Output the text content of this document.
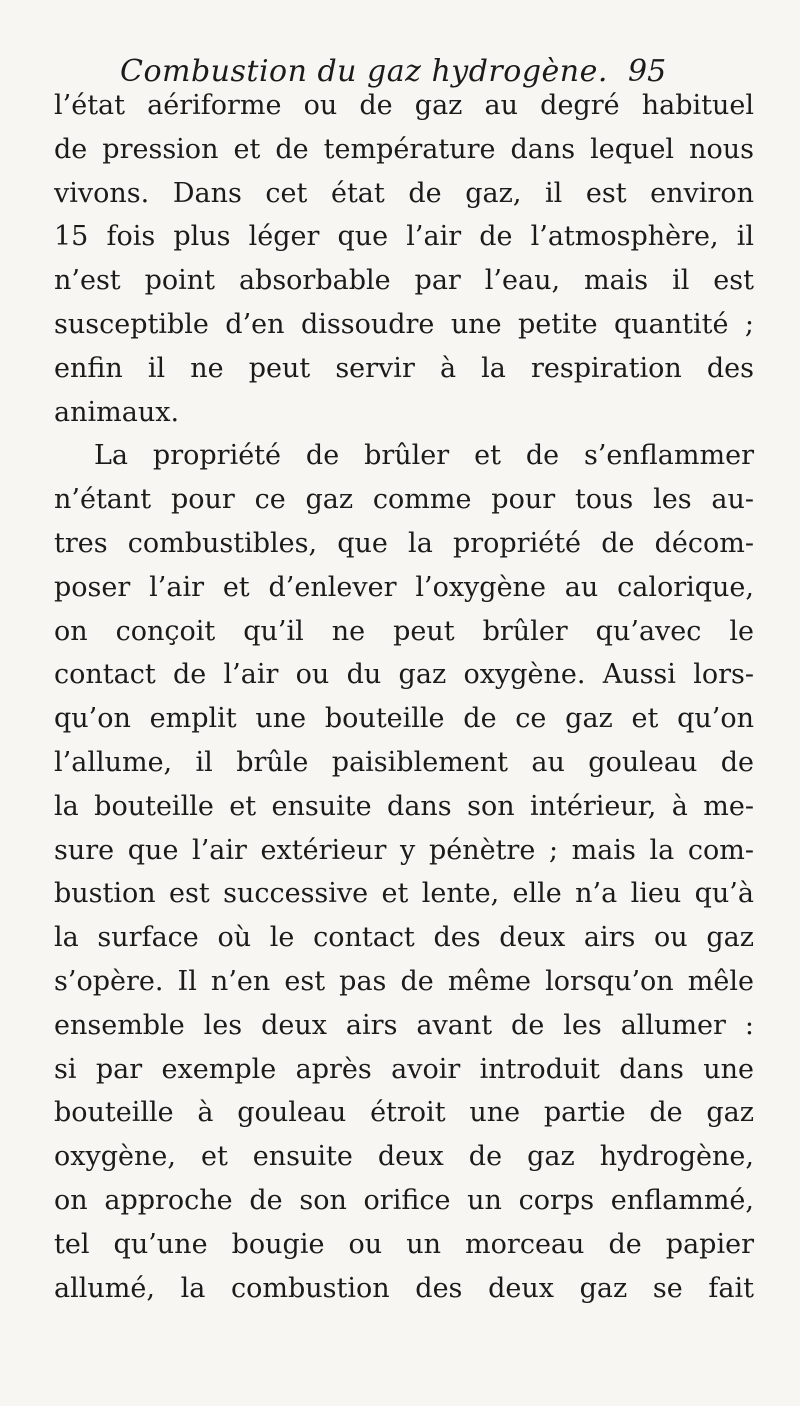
Combustion du gaz hydrogène. 95
l’état aériforme ou de gaz au degré habituel
de pression et de température dans lequel nous
vivons. Dans cet état de gaz, il est environ
15 fois plus léger que l’air de l’atmosphère, il
n’est point absorbable par l’eau, mais il est
susceptible d’en dissoudre une petite quantité ;
enfin il ne peut servir à la respiration des
animaux.
La propriété de brûler et de s’enflammer
n’étant pour ce gaz comme pour tous les au-
tres combustibles, que la propriété de décom-
poser l’air et d’enlever l’oxygène au calorique,
on conçoit qu’il ne peut brûler qu’avec le
contact de l’air ou du gaz oxygène. Aussi lors-
qu’on emplit une bouteille de ce gaz et qu’on
l’allume, il brûle paisiblement au gouleau de
la bouteille et ensuite dans son intérieur, à me-
sure que l’air extérieur y pénètre ; mais la com-
bustion est successive et lente, elle n’a lieu qu’à
la surface où le contact des deux airs ou gaz
s’opère. Il n’en est pas de même lorsqu’on mêle
ensemble les deux airs avant de les allumer :
si par exemple après avoir introduit dans une
bouteille à gouleau étroit une partie de gaz
oxygène, et ensuite deux de gaz hydrogène,
on approche de son orifice un corps enflammé,
tel qu’une bougie ou un morceau de papier
allumé, la combustion des deux gaz se fait
